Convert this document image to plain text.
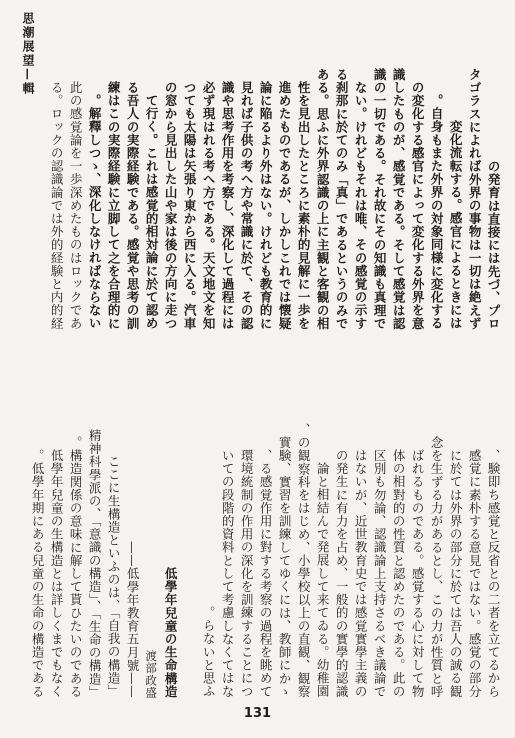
思潮展望—輯
の発育は直接には先づ、プロ タゴラスによれば外界の事物は一切は絶えず 変化流転する。感官によるときには 自身もまた外界の対象同様に変化する。 の変化する感官によって変化する外界を意 識したものが、感覚である。そして感覚は認 識の一切である。それ故にその知識も真理で ない。けれどもそれは唯、その感覚の示す る刹那に於てのみ「真」であるというのみで ある。思ふに外界認識の上に主観と客観の相 性を見出したところに素朴的見解に一歩を 進めたものであるが、しかしこれでは懐疑 論に陥るより外はない。けれども教育的に 見れば子供の考へ方や常識に於て、その認 識や思考作用を考察し、深化して過程には 必ず現はれる考へ方である。天文地文を知 つても太陽は矢張り東から西に入る。汽車 の窓から見出した山や家は後の方向に走つ て行く。これは感覚的相対論に於て認め る吾人の実際経験である。感覚や思考の訓 練はこの実際経験に立脚して之を合理的に 解釋しつゝ、深化しなければならない。 此の感覚論を一歩深めたものはロックであ る。ロックの認識論では外的経験と内的経
験即ち感覚と反省との二者を立てるから、 感覚に素朴する意見ではない。感覚の部分 に於ては外界の部分に於ては吾人の誠る観 念を生ずる力があるとし、この力が性質と呼 ばれるものである。感覚する心に対して物 体の相對的の性質と認めたのである。此の 区別も勿論、認識論上支持さるべき議論で はないが、近世教育史では感覚實學主義の の発生に有力を占め、一般的の實學的認識 論と相結んで発展して来てゐる。幼稚園 の観察科をはじめ、小學校以上の直観、観察、 實験、實習を訓練してゆくには、教師にかゝ る感覚作用に對する考察の過程を眺めて、 環境統制の作用の深化を訓練することにつ いての段階的資料として考慮しなくてはな らないと思ふ。  低學年兒童の生命構造 渡部政盛 ——低學年教育五月號—— ここに生構造といふのは、「自我の構造」 「生命の構造」、「意識の構造」、精神科學派の 構造関係の意味に解して貰ひたいのである。 低學年兒童の生構造とは詳しくまでもなく 低學年期にある兒童の生命の構造である。
131
